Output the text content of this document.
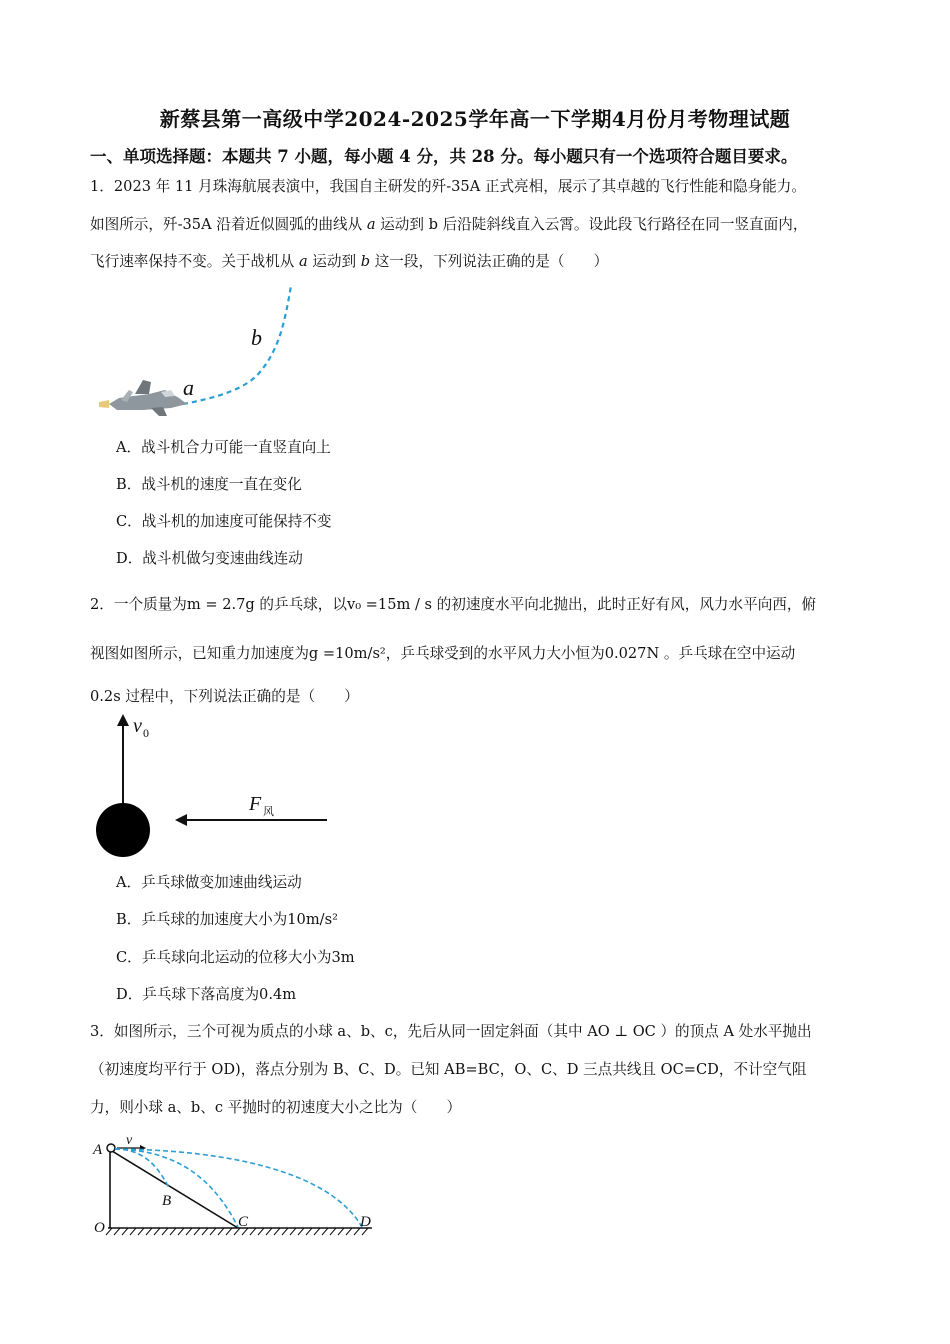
新蔡县第一高级中学2024-2025学年高一下学期4月份月考物理试题
一、单项选择题：本题共 7 小题，每小题 4 分，共 28 分。每小题只有一个选项符合题目要求。
1．2023 年 11 月珠海航展表演中，我国自主研发的歼-35A 正式亮相，展示了其卓越的飞行性能和隐身能力。
如图所示，歼-35A 沿着近似圆弧的曲线从 a 运动到 b 后沿陡斜线直入云霄。设此段飞行路径在同一竖直面内，
飞行速率保持不变。关于战机从 a 运动到 b 这一段，下列说法正确的是（　　）
a
b
A．战斗机合力可能一直竖直向上
B．战斗机的速度一直在变化
C．战斗机的加速度可能保持不变
D．战斗机做匀变速曲线连动
2．一个质量为m = 2.7g 的乒乓球，以v₀ =15m / s 的初速度水平向北抛出，此时正好有风，风力水平向西，俯
视图如图所示，已知重力加速度为g =10m/s²，乒乓球受到的水平风力大小恒为0.027N 。乒乓球在空中运动
0.2s 过程中，下列说法正确的是（　　）
v 0
F 风
A．乒乓球做变加速曲线运动
B．乒乓球的加速度大小为10m/s²
C．乒乓球向北运动的位移大小为3m
D．乒乓球下落高度为0.4m
3．如图所示，三个可视为质点的小球 a、b、c，先后从同一固定斜面（其中 AO ⊥ OC ）的顶点 A 处水平抛出
（初速度均平行于 OD)，落点分别为 B、C、D。已知 AB=BC，O、C、D 三点共线且 OC=CD，不计空气阻
力，则小球 a、b、c 平抛时的初速度大小之比为（　　）
A
v
B
O	C	D
